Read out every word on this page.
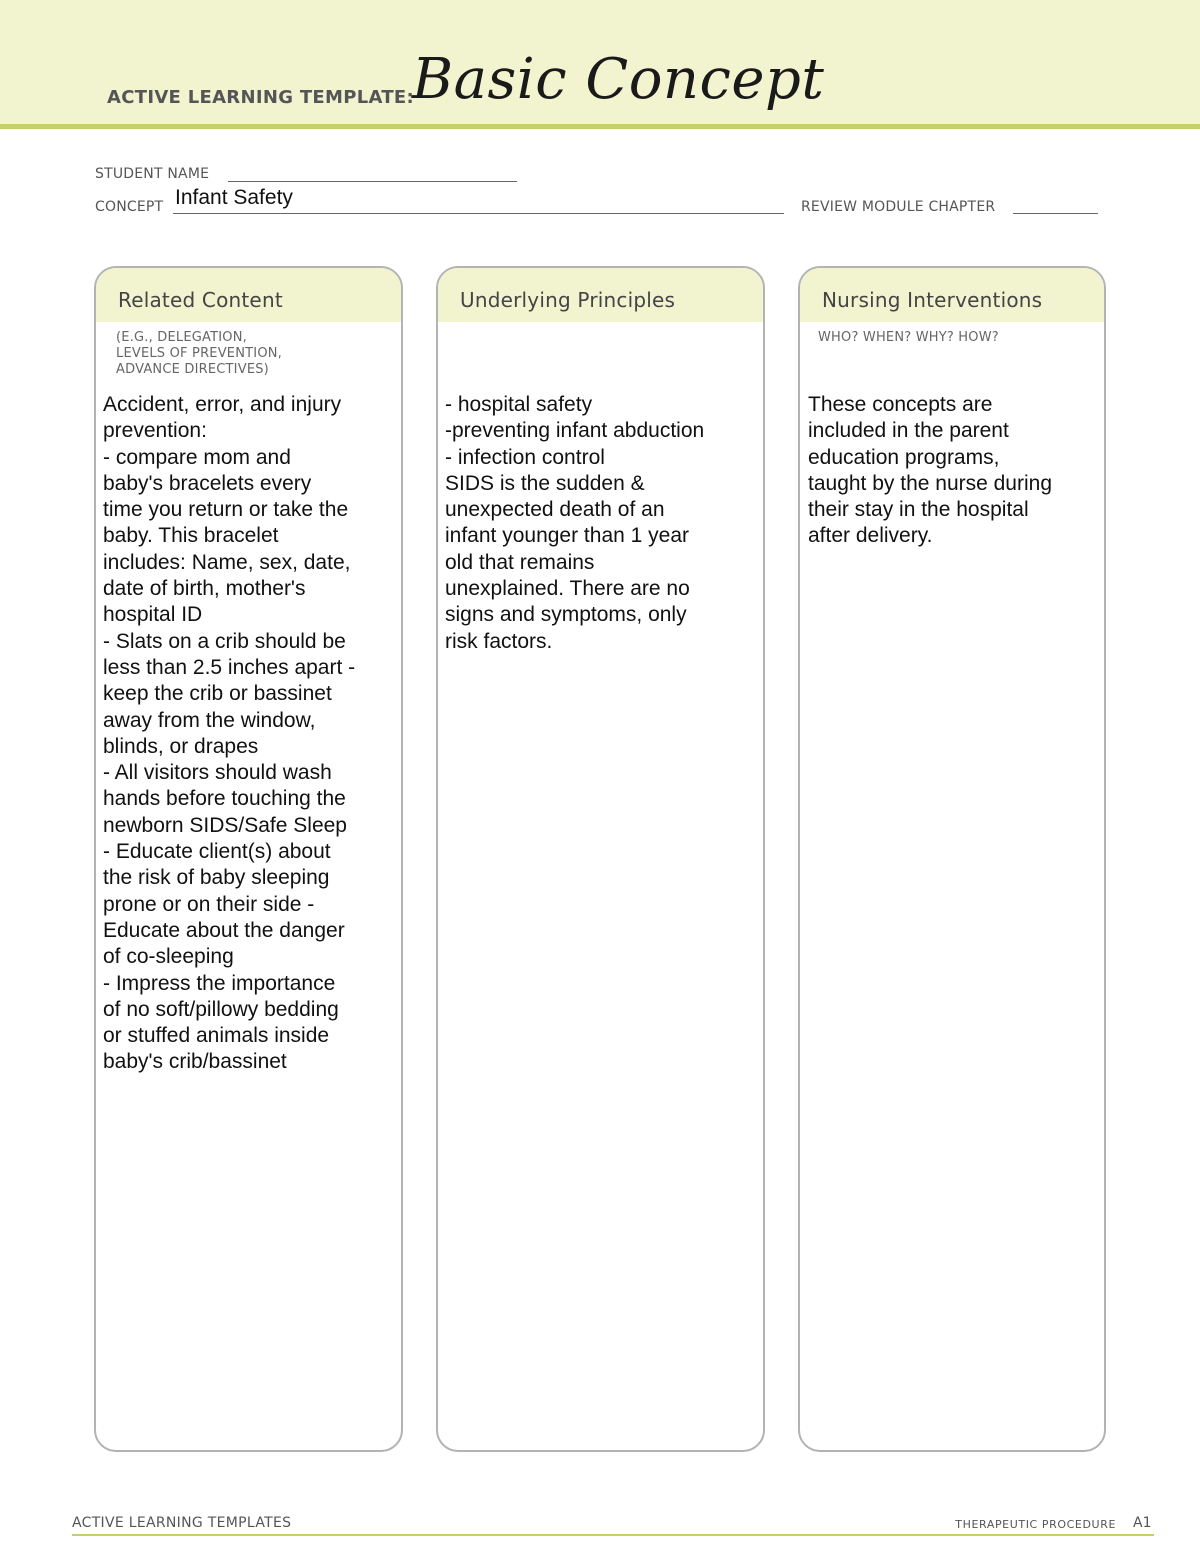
ACTIVE LEARNING TEMPLATE:
Basic Concept
STUDENT NAME
CONCEPT Infant Safety	REVIEW MODULE CHAPTER
Related Content
(E.G., DELEGATION,
LEVELS OF PREVENTION,
ADVANCE DIRECTIVES)
Accident, error, and injury
prevention:
- compare mom and
baby's bracelets every
time you return or take the
baby. This bracelet
includes: Name, sex, date,
date of birth, mother's
hospital ID
- Slats on a crib should be
less than 2.5 inches apart -
keep the crib or bassinet
away from the window,
blinds, or drapes
- All visitors should wash
hands before touching the
newborn SIDS/Safe Sleep
- Educate client(s) about
the risk of baby sleeping
prone or on their side -
Educate about the danger
of co-sleeping
- Impress the importance
of no soft/pillowy bedding
or stuffed animals inside
baby's crib/bassinet
Underlying Principles
- hospital safety
-preventing infant abduction
- infection control
SIDS is the sudden &
unexpected death of an
infant younger than 1 year
old that remains
unexplained. There are no
signs and symptoms, only
risk factors.
Nursing Interventions
WHO? WHEN? WHY? HOW?
These concepts are
included in the parent
education programs,
taught by the nurse during
their stay in the hospital
after delivery.
ACTIVE LEARNING TEMPLATES	THERAPEUTIC PROCEDURE A1
